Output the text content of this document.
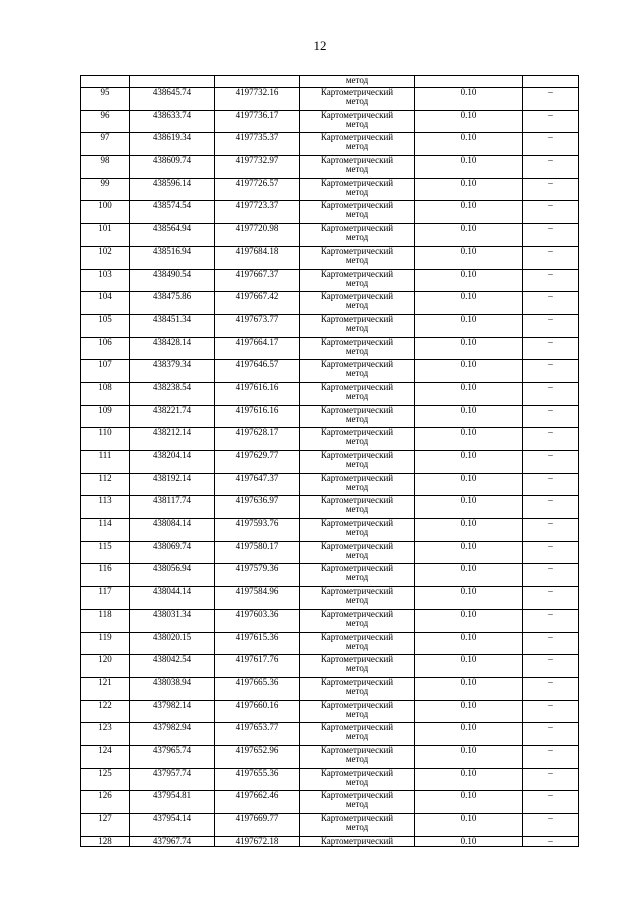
12
			метод		
95	438645.74	4197732.16	Картометрический
метод	0.10	–
96	438633.74	4197736.17	Картометрический
метод	0.10	–
97	438619.34	4197735.37	Картометрический
метод	0.10	–
98	438609.74	4197732.97	Картометрический
метод	0.10	–
99	438596.14	4197726.57	Картометрический
метод	0.10	–
100	438574.54	4197723.37	Картометрический
метод	0.10	–
101	438564.94	4197720.98	Картометрический
метод	0.10	–
102	438516.94	4197684.18	Картометрический
метод	0.10	–
103	438490.54	4197667.37	Картометрический
метод	0.10	–
104	438475.86	4197667.42	Картометрический
метод	0.10	–
105	438451.34	4197673.77	Картометрический
метод	0.10	–
106	438428.14	4197664.17	Картометрический
метод	0.10	–
107	438379.34	4197646.57	Картометрический
метод	0.10	–
108	438238.54	4197616.16	Картометрический
метод	0.10	–
109	438221.74	4197616.16	Картометрический
метод	0.10	–
110	438212.14	4197628.17	Картометрический
метод	0.10	–
111	438204.14	4197629.77	Картометрический
метод	0.10	–
112	438192.14	4197647.37	Картометрический
метод	0.10	–
113	438117.74	4197636.97	Картометрический
метод	0.10	–
114	438084.14	4197593.76	Картометрический
метод	0.10	–
115	438069.74	4197580.17	Картометрический
метод	0.10	–
116	438056.94	4197579.36	Картометрический
метод	0.10	–
117	438044.14	4197584.96	Картометрический
метод	0.10	–
118	438031.34	4197603.36	Картометрический
метод	0.10	–
119	438020.15	4197615.36	Картометрический
метод	0.10	–
120	438042.54	4197617.76	Картометрический
метод	0.10	–
121	438038.94	4197665.36	Картометрический
метод	0.10	–
122	437982.14	4197660.16	Картометрический
метод	0.10	–
123	437982.94	4197653.77	Картометрический
метод	0.10	–
124	437965.74	4197652.96	Картометрический
метод	0.10	–
125	437957.74	4197655.36	Картометрический
метод	0.10	–
126	437954.81	4197662.46	Картометрический
метод	0.10	–
127	437954.14	4197669.77	Картометрический
метод	0.10	–
128	437967.74	4197672.18	Картометрический	0.10	–
